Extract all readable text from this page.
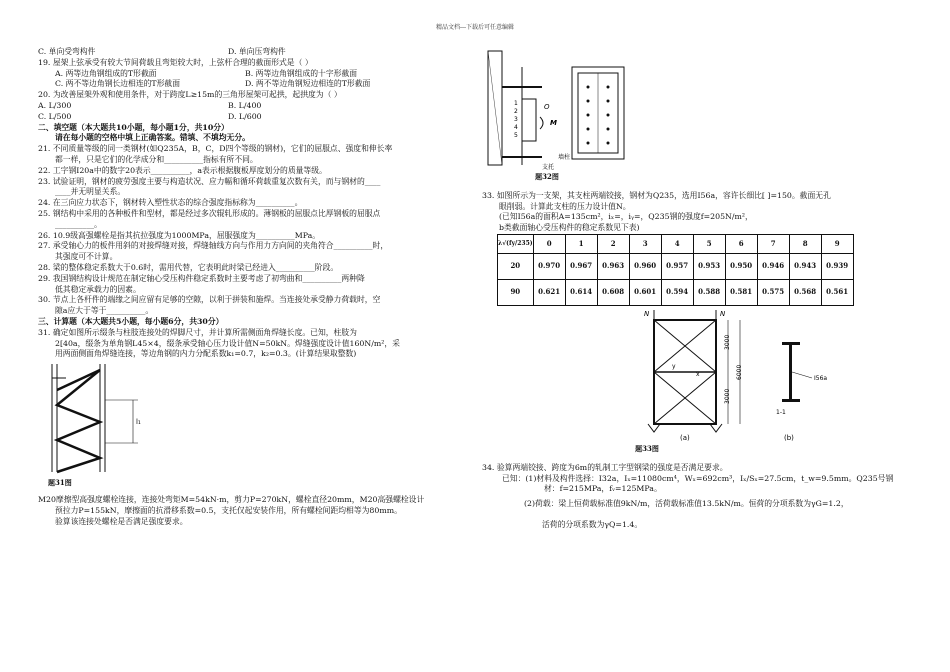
精品文档---下载后可任意编辑
C. 单向受弯构件	D. 单向压弯构件
19. 屋架上弦承受有较大节间荷载且弯矩较大时，上弦杆合理的截面形式是（ ）
A. 两等边角钢组成的T形截面	B. 两等边角钢组成的十字形截面
C. 两不等边角钢长边相连的T形截面	D. 两不等边角钢短边相连的T形截面
20. 为改善屋架外观和使用条件，对于跨度L≥15m的三角形屋架可起拱，起拱度为（ ）
A. L/300	B. L/400
C. L/500	D. L/600
二、填空题（本大题共10小题，每小题1分，共10分）
请在每小题的空格中填上正确答案。错填、不填均无分。
21. 不同质量等级的同一类钢材(如Q235A，B，C，D四个等级的钢材)，它们的屈服点、强度和伸长率
都一样，只是它们的化学成分和__________指标有所不同。
22. 工字钢I20a中的数字20表示__________，a表示根据腹板厚度划分的质量等级。
23. 试验证明，钢材的疲劳强度主要与构造状况、应力幅和循环荷载重复次数有关，而与钢材的____
____并无明显关系。
24. 在三向应力状态下，钢材转入塑性状态的综合强度指标称为__________。
25. 钢结构中采用的各种板件和型材，都是经过多次辊轧形成的。薄钢板的屈服点比厚钢板的屈服点
__________。
26. 10.9级高强螺栓是指其抗拉强度为1000MPa，屈服强度为__________MPa。
27. 承受轴心力的板件用斜的对接焊缝对接，焊缝轴线方向与作用力方向间的夹角符合__________时，
其强度可不计算。
28. 梁的整体稳定系数大于0.6时，需用代替，它表明此时梁已经进入__________阶段。
29. 我国钢结构设计规范在制定轴心受压构件稳定系数时主要考虑了初弯曲和__________两种降
低其稳定承载力的因素。
30. 节点上各杆件的端缘之间应留有足够的空隙，以利于拼装和施焊。当连接处承受静力荷载时，空
隙a应大于等于__________。
三、计算题（本大题共5小题，每小题6分，共30分）
31. 确定如图所示缀条与柱肢连接处的焊脚尺寸，并计算所需侧面角焊缝长度。已知，柱肢为
2[40a，缀条为单角钢L45×4，缀条承受轴心压力设计值N=50kN。焊缝强度设计值160N/m²，采
用两面侧面角焊缝连接，等边角钢的内力分配系数k₁=0.7，k₂=0.3。(计算结果取整数)
l₁
题31图
M20摩擦型高强度螺栓连接，连接处弯矩M=54kN·m，剪力P=270kN，螺栓直径20mm，M20高强螺栓设计
预拉力P=155kN，摩擦面的抗滑移系数=0.5，支托仅起安装作用，所有螺栓间距均相等为80mm。
验算该连接处螺栓是否满足强度要求。
1
2
3
4
5
O
M
墙柱
支托
题32图
33. 如图所示为一支架，其支柱两端铰接，钢材为Q235，选用I56a，容许长细比[ ]=150。截面无孔
眼削弱。计算此支柱的压力设计值N。
(已知I56a的面积A=135cm²，iₓ=，iᵧ=，Q235钢的强度f=205N/m²，
b类截面轴心受压构件的稳定系数见下表)
λ√(fy/235)	0	1	2	3	4	5	6	7	8	9
20	0.970	0.967	0.963	0.960	0.957	0.953	0.950	0.946	0.943	0.939
90	0.621	0.614	0.608	0.601	0.594	0.588	0.581	0.575	0.568	0.561
N	N
3000
6000
3000
x
y
(a)
I56a
1-1
(b)
题33图
34. 验算两端铰接、跨度为6m的轧制工字型钢梁的强度是否满足要求。
已知：(1)材料及构件选择：I32a，Iₓ=11080cm⁴，Wₓ=692cm³，Iₓ/Sₓ=27.5cm，t_w=9.5mm。Q235号钢
材：f=215MPa，fᵥ=125MPa。
(2)荷载：梁上恒荷载标准值9kN/m，活荷载标准值13.5kN/m。恒荷的分项系数为γG=1.2，
活荷的分项系数为γQ=1.4。
